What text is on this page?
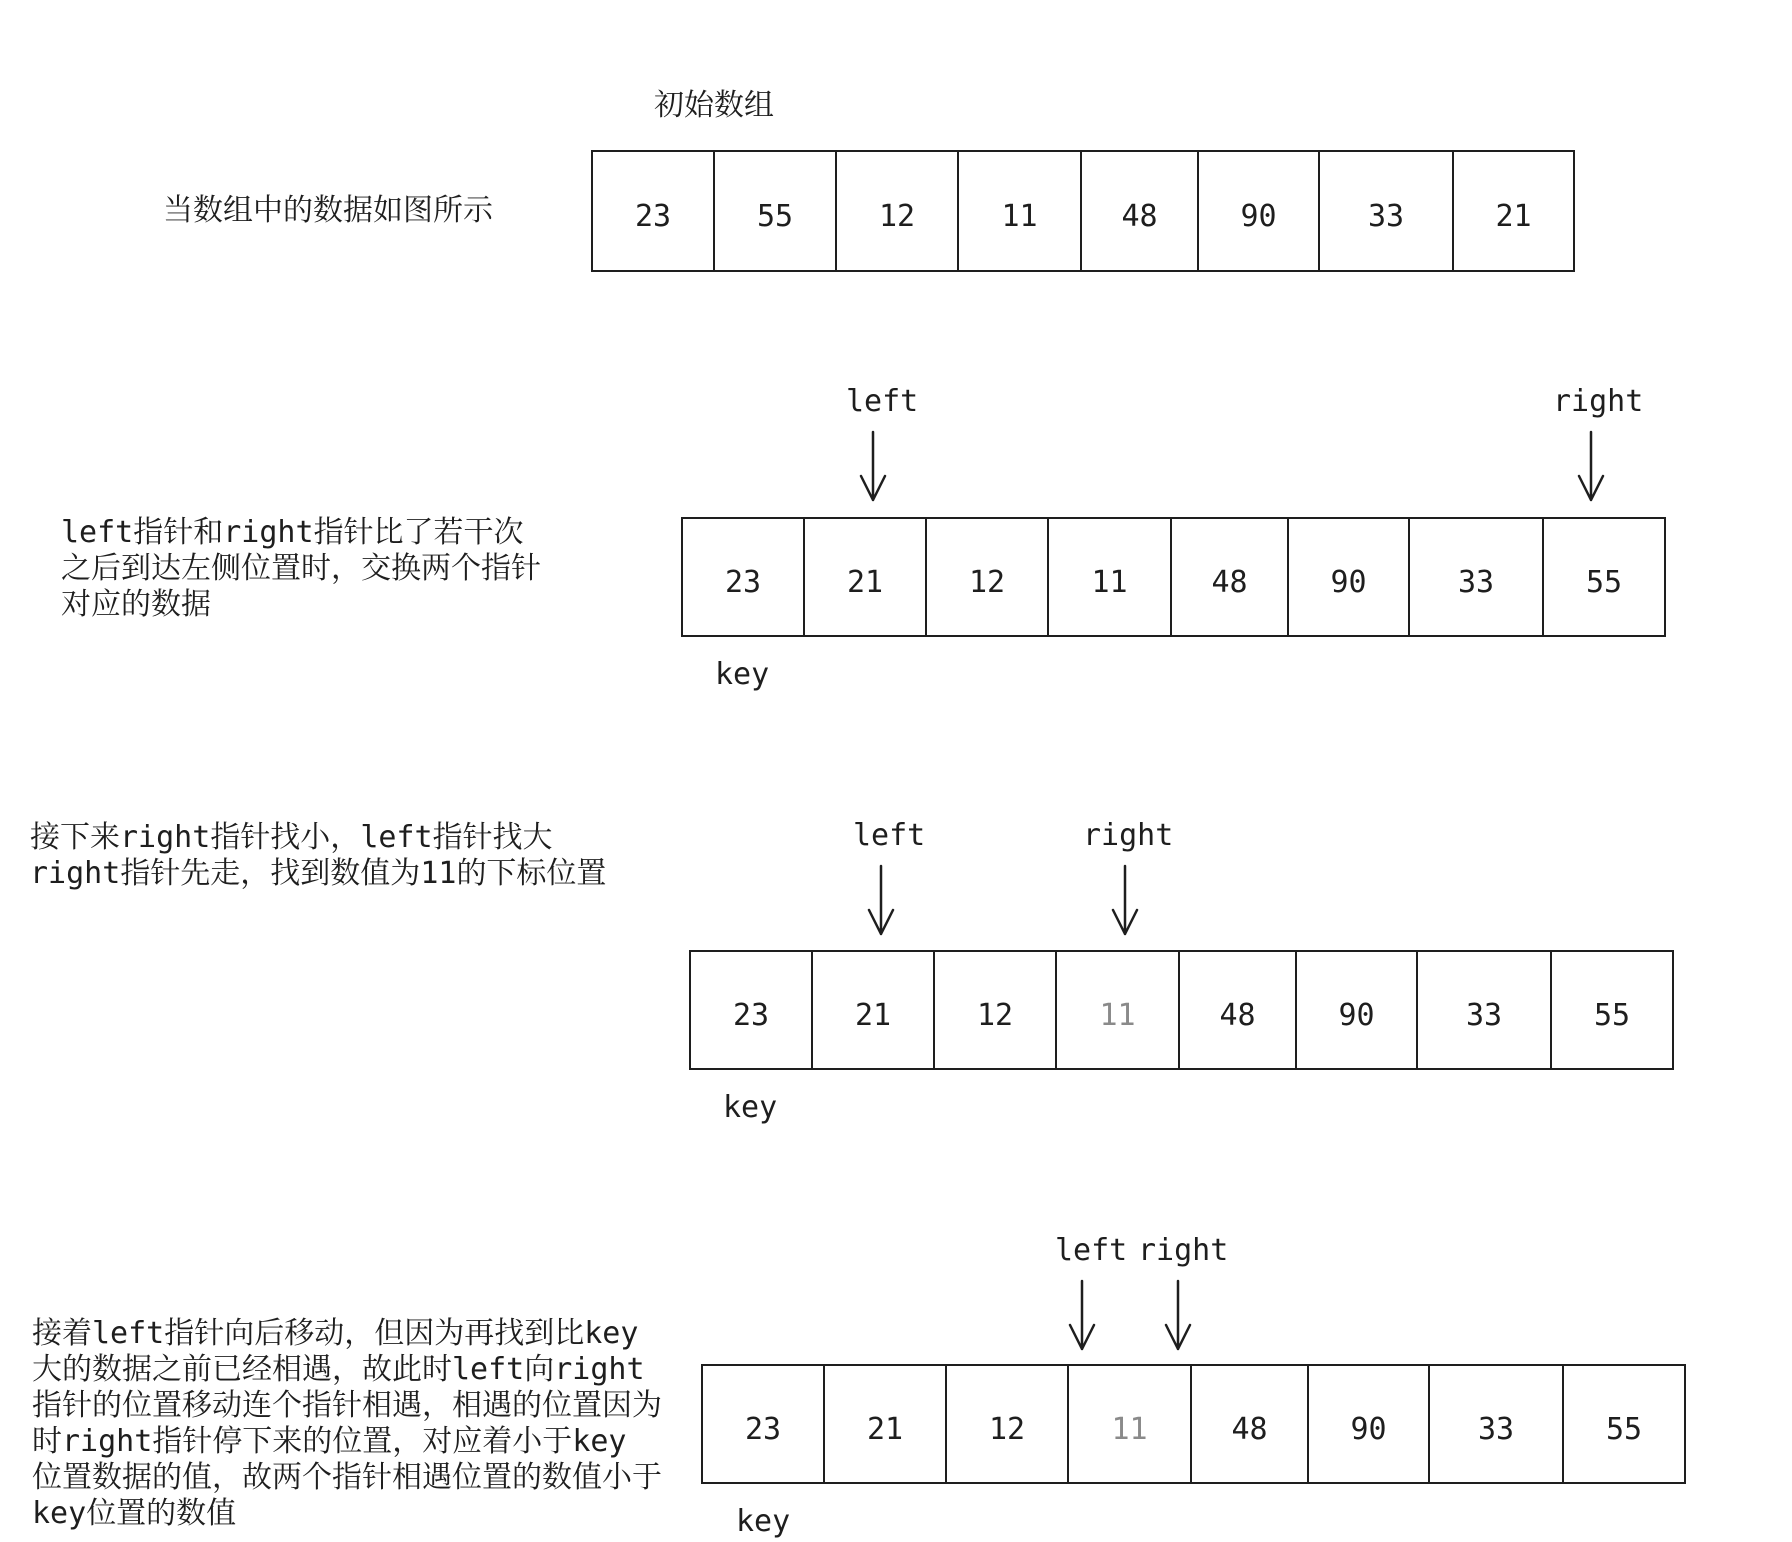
初始数组
当数组中的数据如图所示	23	55	12	11	48	90	33	21
left指针和right指针比了若干次
之后到达左侧位置时，交换两个指针
对应的数据
left	right
23	21	12	11	48	90	33	55
key
接下来right指针找小，left指针找大
right指针先走，找到数值为11的下标位置
left	right
23	21	12	11	48	90	33	55
key
接着left指针向后移动，但因为再找到比key
大的数据之前已经相遇，故此时left向right
指针的位置移动连个指针相遇，相遇的位置因为
时right指针停下来的位置，对应着小于key
位置数据的值，故两个指针相遇位置的数值小于
key位置的数值
left right
23	21	12	11	48	90	33	55
key
